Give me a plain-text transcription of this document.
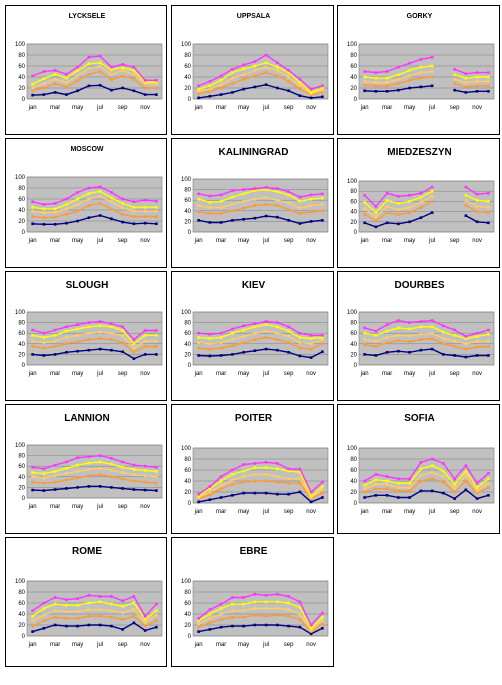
LYCKSELE
0
20
40
60
80
100
jan mar may jul sep nov
UPPSALA
0
20
40
60
80
100
jan mar may jul sep nov
GORKY
0
20
40
60
80
100
jan mar may jul sep nov
MOSCOW
0
20
40
60
80
100
jan mar may jul sep nov
KALININGRAD
0
20
40
60
80
100
jan mar may jul sep nov
MIEDZESZYN
0
20
40
60
80
100
jan mar may jul sep nov
SLOUGH
0
20
40
60
80
100
jan mar may jul sep nov
KIEV
0
20
40
60
80
100
jan mar may jul sep nov
DOURBES
0
20
40
60
80
100
jan mar may jul sep nov
LANNION
0
20
40
60
80
100
jan mar may jul sep nov
POITER
0
20
40
60
80
100
jan mar may jul sep nov
SOFIA
0
20
40
60
80
100
jan mar may jul sep nov
ROME
0
20
40
60
80
100
jan mar may jul sep nov
EBRE
0
20
40
60
80
100
jan mar may jul sep nov
